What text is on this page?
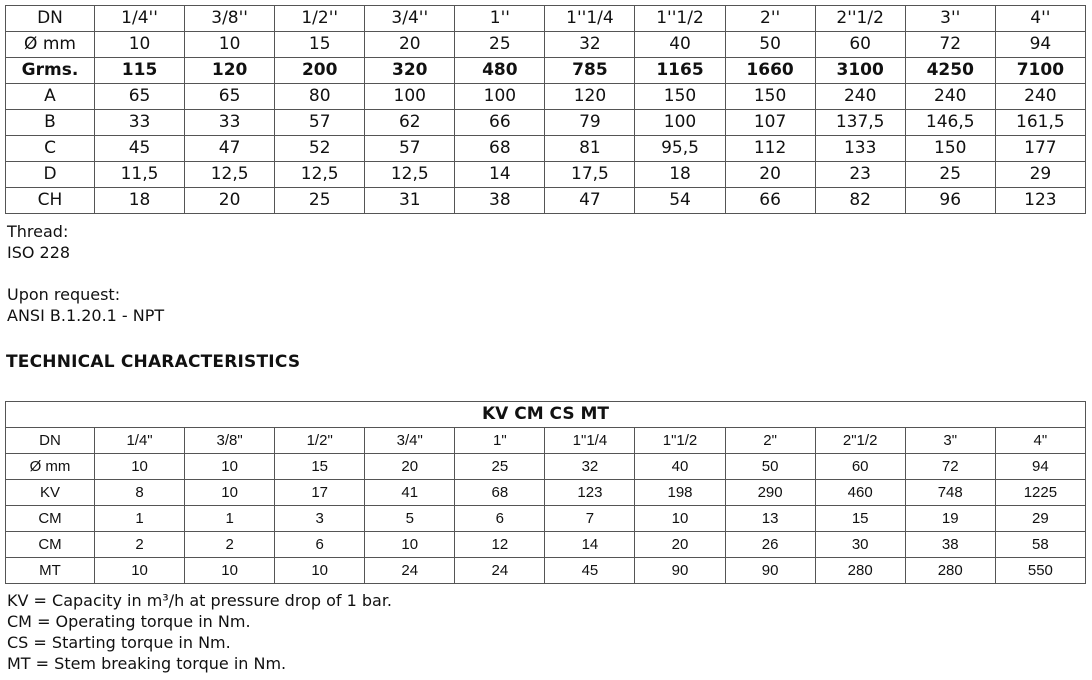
DN	1/4''	3/8''	1/2''	3/4''	1''	1''1/4	1''1/2	2''	2''1/2	3''	4''
Ø mm	10	10	15	20	25	32	40	50	60	72	94
Grms.	115	120	200	320	480	785	1165	1660	3100	4250	7100
A	65	65	80	100	100	120	150	150	240	240	240
B	33	33	57	62	66	79	100	107	137,5	146,5	161,5
C	45	47	52	57	68	81	95,5	112	133	150	177
D	11,5	12,5	12,5	12,5	14	17,5	18	20	23	25	29
CH	18	20	25	31	38	47	54	66	82	96	123
Thread:
ISO 228
Upon request:
ANSI B.1.20.1 - NPT
TECHNICAL CHARACTERISTICS
KV CM CS MT											
DN	1/4"	3/8"	1/2"	3/4"	1"	1"1/4	1"1/2	2"	2"1/2	3"	4"
Ø mm	10	10	15	20	25	32	40	50	60	72	94
KV	8	10	17	41	68	123	198	290	460	748	1225
CM	1	1	3	5	6	7	10	13	15	19	29
CM	2	2	6	10	12	14	20	26	30	38	58
MT	10	10	10	24	24	45	90	90	280	280	550
KV = Capacity in m³/h at pressure drop of 1 bar.
CM = Operating torque in Nm.
CS = Starting torque in Nm.
MT = Stem breaking torque in Nm.
